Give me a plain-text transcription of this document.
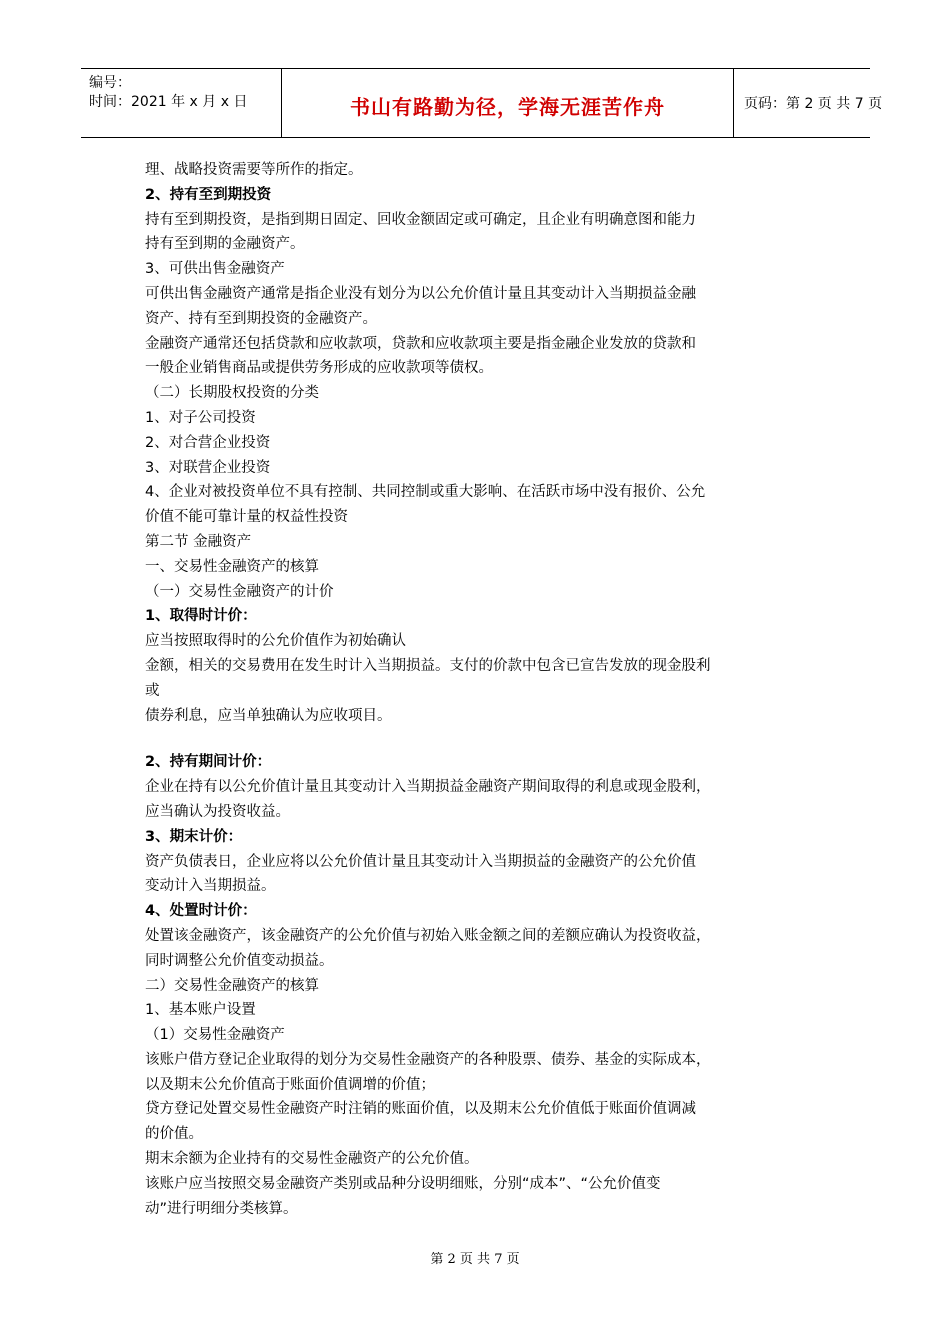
编号：
时间：2021 年 x 月 x 日	书山有路勤为径，学海无涯苦作舟	页码：第 2 页 共 7 页
理、战略投资需要等所作的指定。
2、持有至到期投资
持有至到期投资，是指到期日固定、回收金额固定或可确定，且企业有明确意图和能力
持有至到期的金融资产。
3、可供出售金融资产
可供出售金融资产通常是指企业没有划分为以公允价值计量且其变动计入当期损益金融
资产、持有至到期投资的金融资产。
金融资产通常还包括贷款和应收款项，贷款和应收款项主要是指金融企业发放的贷款和
一般企业销售商品或提供劳务形成的应收款项等债权。
（二）长期股权投资的分类
1、对子公司投资
2、对合营企业投资
3、对联营企业投资
4、企业对被投资单位不具有控制、共同控制或重大影响、在活跃市场中没有报价、公允
价值不能可靠计量的权益性投资
第二节 金融资产
一、交易性金融资产的核算
（一）交易性金融资产的计价
1、取得时计价：
应当按照取得时的公允价值作为初始确认
金额，相关的交易费用在发生时计入当期损益。支付的价款中包含已宣告发放的现金股利
或
债券利息，应当单独确认为应收项目。
2、持有期间计价：
企业在持有以公允价值计量且其变动计入当期损益金融资产期间取得的利息或现金股利，
应当确认为投资收益。
3、期末计价：
资产负债表日，企业应将以公允价值计量且其变动计入当期损益的金融资产的公允价值
变动计入当期损益。
4、处置时计价：
处置该金融资产，该金融资产的公允价值与初始入账金额之间的差额应确认为投资收益，
同时调整公允价值变动损益。
二）交易性金融资产的核算
1、基本账户设置
（1）交易性金融资产
该账户借方登记企业取得的划分为交易性金融资产的各种股票、债券、基金的实际成本，
以及期末公允价值高于账面价值调增的价值；
贷方登记处置交易性金融资产时注销的账面价值，以及期末公允价值低于账面价值调减
的价值。
期末余额为企业持有的交易性金融资产的公允价值。
该账户应当按照交易金融资产类别或品种分设明细账，分别“成本”、“公允价值变
动”进行明细分类核算。
第 2 页 共 7 页
